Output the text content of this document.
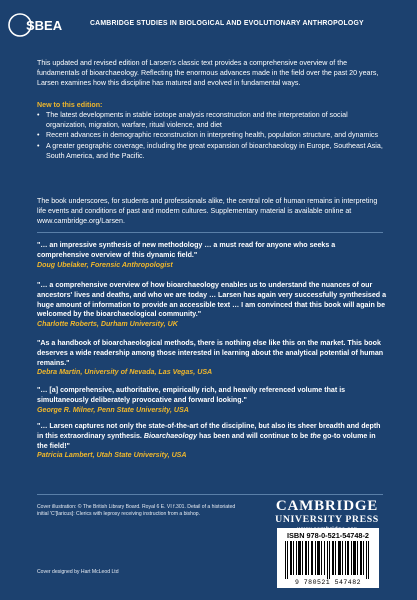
SBEA	CAMBRIDGE STUDIES IN BIOLOGICAL AND EVOLUTIONARY ANTHROPOLOGY
This updated and revised edition of Larsen's classic text provides a comprehensive overview of the fundamentals of bioarchaeology. Reflecting the enormous advances made in the field over the past 20 years, Larsen examines how this discipline has matured and evolved in fundamental ways.
New to this edition:
• The latest developments in stable isotope analysis reconstruction and the interpretation of social organization, migration, warfare, ritual violence, and diet
• Recent advances in demographic reconstruction in interpreting health, population structure, and dynamics
• A greater geographic coverage, including the great expansion of bioarchaeology in Europe, Southeast Asia, South America, and the Pacific.
The book underscores, for students and professionals alike, the central role of human remains in interpreting life events and conditions of past and modern cultures. Supplementary material is available online at www.cambridge.org/Larsen.
"… an impressive synthesis of new methodology … a must read for anyone who seeks a comprehensive overview of this dynamic field."
Doug Ubelaker, Forensic Anthropologist
"… a comprehensive overview of how bioarchaeology enables us to understand the nuances of our ancestors' lives and deaths, and who we are today … Larsen has again very successfully synthesised a huge amount of information to provide an accessible text … I am convinced that this book will again be welcomed by the bioarchaeological community."
Charlotte Roberts, Durham University, UK
"As a handbook of bioarchaeological methods, there is nothing else like this on the market. This book deserves a wide readership among those interested in learning about the analytical potential of human remains."
Debra Martin, University of Nevada, Las Vegas, USA
"… [a] comprehensive, authoritative, empirically rich, and heavily referenced volume that is simultaneously deliberately provocative and forward looking."
George R. Milner, Penn State University, USA
"… Larsen captures not only the state-of-the-art of the discipline, but also its sheer breadth and depth in this extraordinary synthesis. Bioarchaeology has been and will continue to be the go-to volume in the field!"
Patricia Lambert, Utah State University, USA
Cover illustration: © The British Library Board. Royal 6 E. VI f.301. Detail of a historiated initial 'C'[laricus]: Clerics with leprosy receiving instruction from a bishop.
Cover designed by Hart McLeod Ltd
CAMBRIDGE
UNIVERSITY PRESS
ISBN 978-0-521-54748-2
9 780521 547482
